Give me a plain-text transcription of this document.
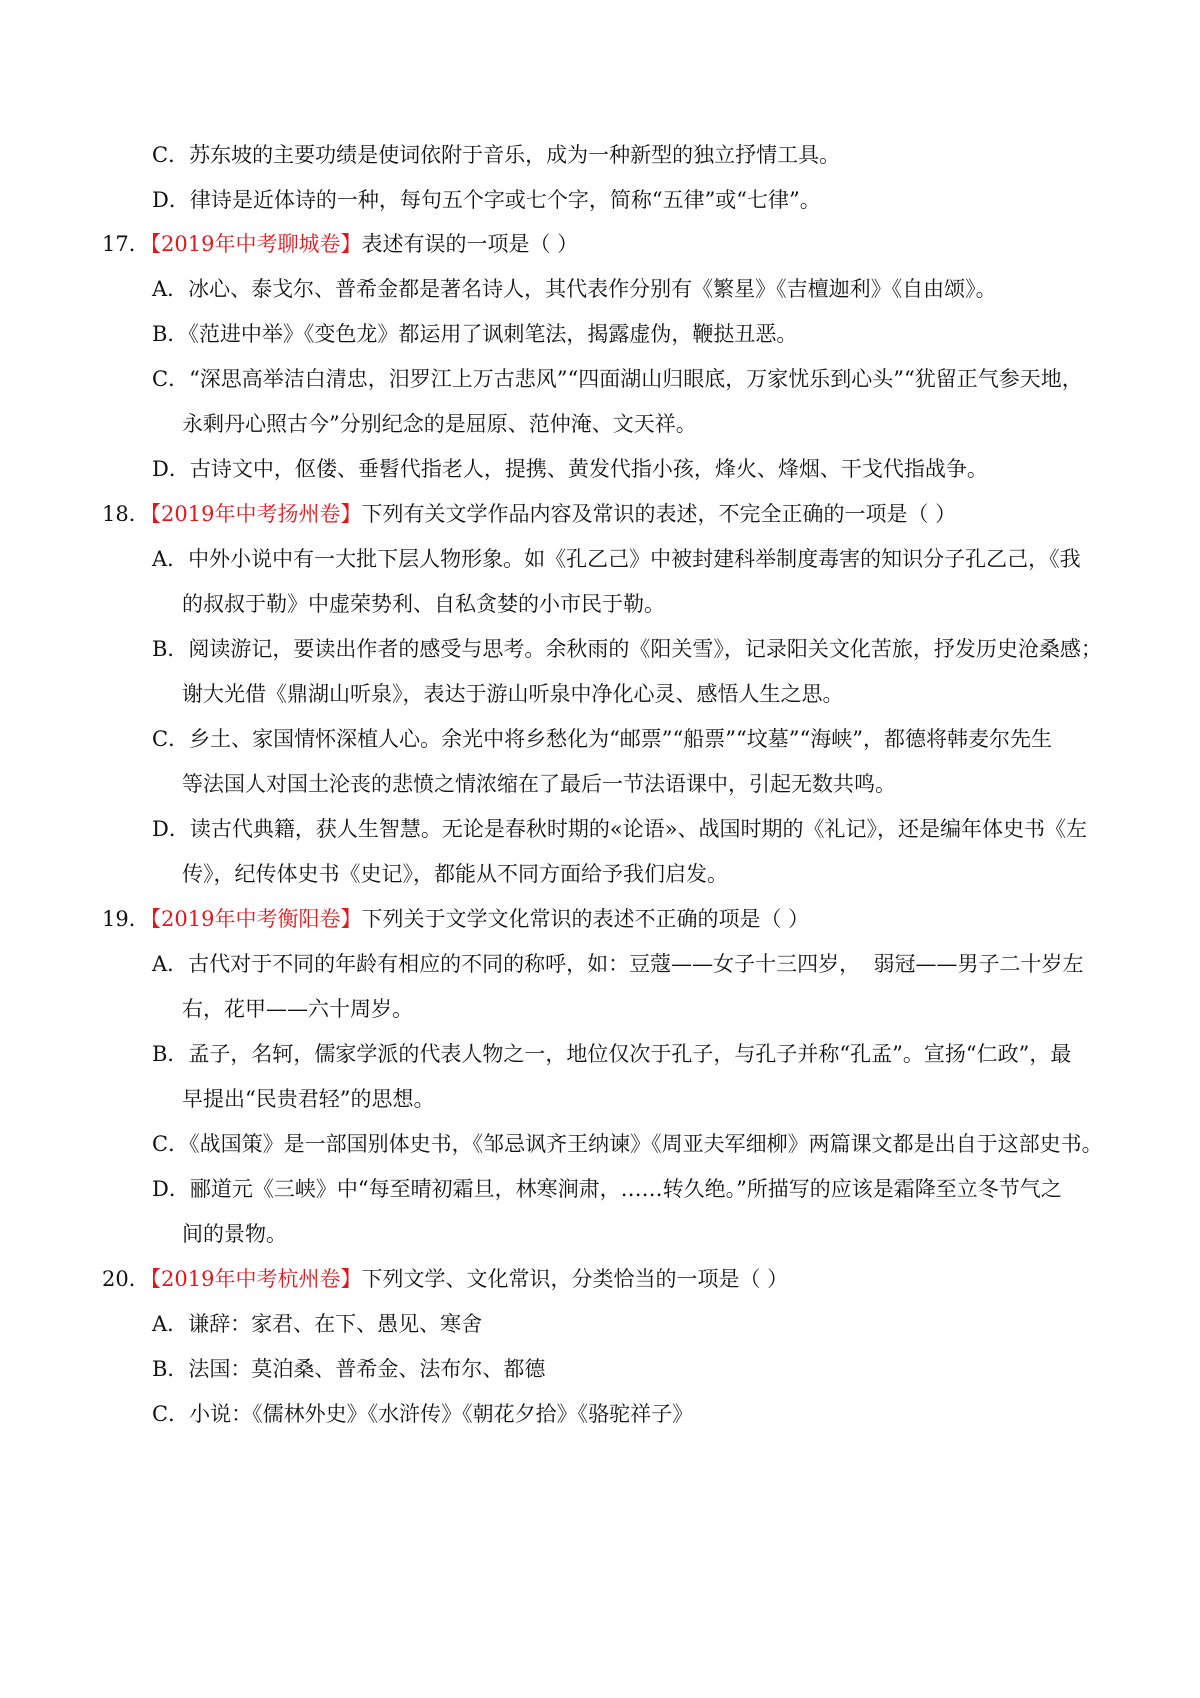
C．苏东坡的主要功绩是使词依附于音乐，成为一种新型的独立抒情工具。
D．律诗是近体诗的一种，每句五个字或七个字，简称“五律”或“七律”。
17．
【2019年中考聊城卷】表述有误的一项是（ ）
A．冰心、泰戈尔、普希金都是著名诗人，其代表作分别有《繁星》《吉檀迦利》《自由颂》。
B．《范进中举》《变色龙》都运用了讽刺笔法，揭露虚伪，鞭挞丑恶。
C．“深思高举洁白清忠，汨罗江上万古悲风”“四面湖山归眼底，万家忧乐到心头”“犹留正气参天地，
永剩丹心照古今”分别纪念的是屈原、范仲淹、文天祥。
D．古诗文中，伛偻、垂髫代指老人，提携、黄发代指小孩，烽火、烽烟、干戈代指战争。
18．
【2019年中考扬州卷】下列有关文学作品内容及常识的表述，不完全正确的一项是（ ）
A．中外小说中有一大批下层人物形象。如《孔乙己》中被封建科举制度毒害的知识分子孔乙己，《我
的叔叔于勒》中虚荣势利、自私贪婪的小市民于勒。
B．阅读游记，要读出作者的感受与思考。余秋雨的《阳关雪》，记录阳关文化苦旅，抒发历史沧桑感；
谢大光借《鼎湖山听泉》，表达于游山听泉中净化心灵、感悟人生之思。
C．乡土、家国情怀深植人心。余光中将乡愁化为“邮票”“船票”“坟墓”“海峡”，都德将韩麦尔先生
等法国人对国土沦丧的悲愤之情浓缩在了最后一节法语课中，引起无数共鸣。
D．读古代典籍，获人生智慧。无论是春秋时期的«论语»、战国时期的《礼记》，还是编年体史书《左
传》，纪传体史书《史记》，都能从不同方面给予我们启发。
19．
【2019年中考衡阳卷】下列关于文学文化常识的表述不正确的项是（ ）
A．古代对于不同的年龄有相应的不同的称呼，如：豆蔻——女子十三四岁，  弱冠——男子二十岁左
右，花甲——六十周岁。
B．孟子，名轲，儒家学派的代表人物之一，地位仅次于孔子，与孔子并称“孔孟”。宣扬“仁政”，最
早提出“民贵君轻”的思想。
C．《战国策》是一部国别体史书，《邹忌讽齐王纳谏》《周亚夫军细柳》两篇课文都是出自于这部史书。
D．郦道元《三峡》中“每至晴初霜旦，林寒涧肃，……转久绝。”所描写的应该是霜降至立冬节气之
间的景物。
20．
【2019年中考杭州卷】下列文学、文化常识，分类恰当的一项是（ ）
A．谦辞：家君、在下、愚见、寒舍
B．法国：莫泊桑、普希金、法布尔、都德
C．小说：《儒林外史》《水浒传》《朝花夕拾》《骆驼祥子》
